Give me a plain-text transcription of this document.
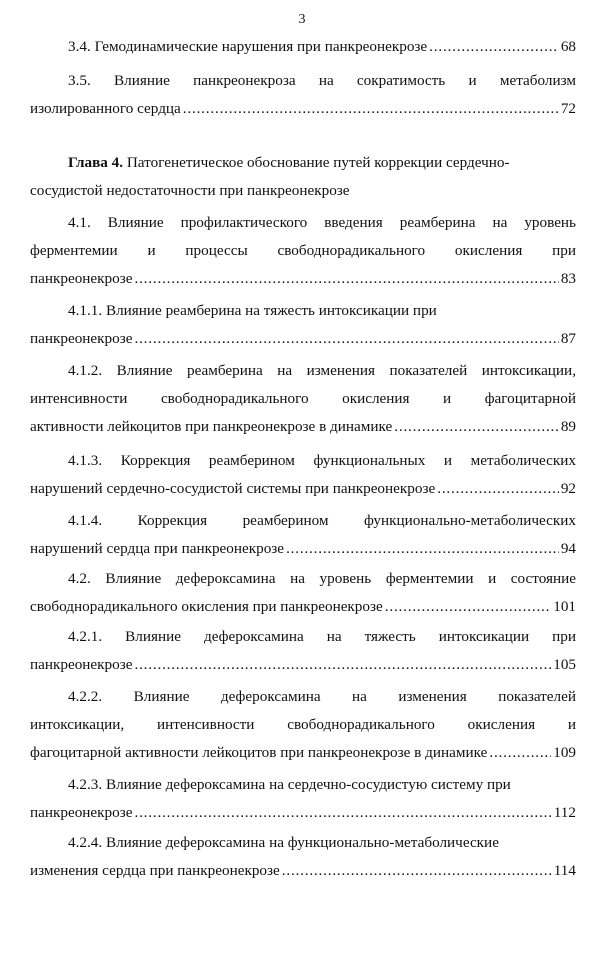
3
3.4. Гемодинамические нарушения при панкреонекрозе .....	68
3.5. Влияние панкреонекроза на сократимость и метаболизм
изолированного сердца .....	72
Глава 4. Патогенетическое обоснование путей коррекции сердечно-
сосудистой недостаточности при панкреонекрозе
4.1. Влияние профилактического введения реамберина на уровень
ферментемии и процессы свободнорадикального окисления при
панкреонекрозе .....	83
4.1.1. Влияние реамберина на тяжесть интоксикации при
панкреонекрозе .....	87
4.1.2. Влияние реамберина на изменения показателей интоксикации,
интенсивности свободнорадикального окисления и фагоцитарной
активности лейкоцитов при панкреонекрозе в динамике .....	89
4.1.3. Коррекция реамберином функциональных и метаболических
нарушений сердечно-сосудистой системы при панкреонекрозе .....	92
4.1.4. Коррекция реамберином функционально-метаболических
нарушений сердца при панкреонекрозе .....	94
4.2. Влияние дефероксамина на уровень ферментемии и состояние
свободнорадикального окисления при панкреонекрозе .....	101
4.2.1. Влияние дефероксамина на тяжесть интоксикации при
панкреонекрозе .....	105
4.2.2. Влияние дефероксамина на изменения показателей
интоксикации, интенсивности свободнорадикального окисления и
фагоцитарной активности лейкоцитов при панкреонекрозе в динамике .....	109
4.2.3. Влияние дефероксамина на сердечно-сосудистую систему при
панкреонекрозе .....	112
4.2.4. Влияние дефероксамина на функционально-метаболические
изменения сердца при панкреонекрозе .....	114
